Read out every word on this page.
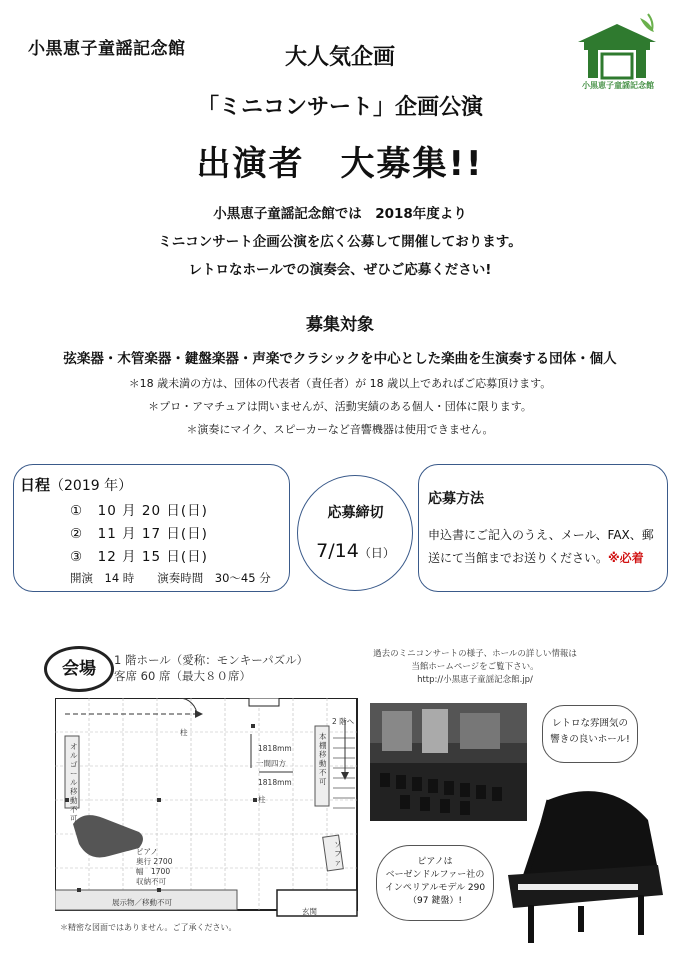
小黒恵子童謡記念館
小黒恵子童謡記念館
大人気企画
「ミニコンサート」企画公演
出演者　大募集!!
小黒恵子童謡記念館では　2018年度より
ミニコンサート企画公演を広く公募して開催しております。
レトロなホールでの演奏会、ぜひご応募ください!
募集対象
弦楽器・木管楽器・鍵盤楽器・声楽でクラシックを中心とした楽曲を生演奏する団体・個人
＊18 歳未満の方は、団体の代表者（責任者）が 18 歳以上であればご応募頂けます。
＊プロ・アマチュアは問いませんが、活動実績のある個人・団体に限ります。
＊演奏にマイク、スピーカーなど音響機器は使用できません。
日程（2019 年）
①　10 月 20 日(日)
②　11 月 17 日(日)
③　12 月 15 日(日)
開演　14 時　　演奏時間　30～45 分
応募締切
7/14（日）
応募方法
申込書にご記入のうえ、メール、FAX、郵送にて当館までお送りください。※必着
会場	1 階ホール（愛称：モンキーパズル）
客席 60 席（最大８０席）
過去のミニコンサートの様子、ホールの詳しい情報は
当館ホームページをご覧下さい。
http://小黒恵子童謡記念館.jp/
オルゴール移動不可
2 階へ
本棚 移動不可
1818mm
一間四方
1818mm
柱
柱
ピアノ
奥行 2700
幅　1700
収納不可
展示物／移動不可
玄関
ソファ
＊精密な図面ではありません。ご了承ください。
レトロな雰囲気の
響きの良いホール!
ピアノは
ベーゼンドルファー社の
インペリアルモデル 290
（97 鍵盤）!
